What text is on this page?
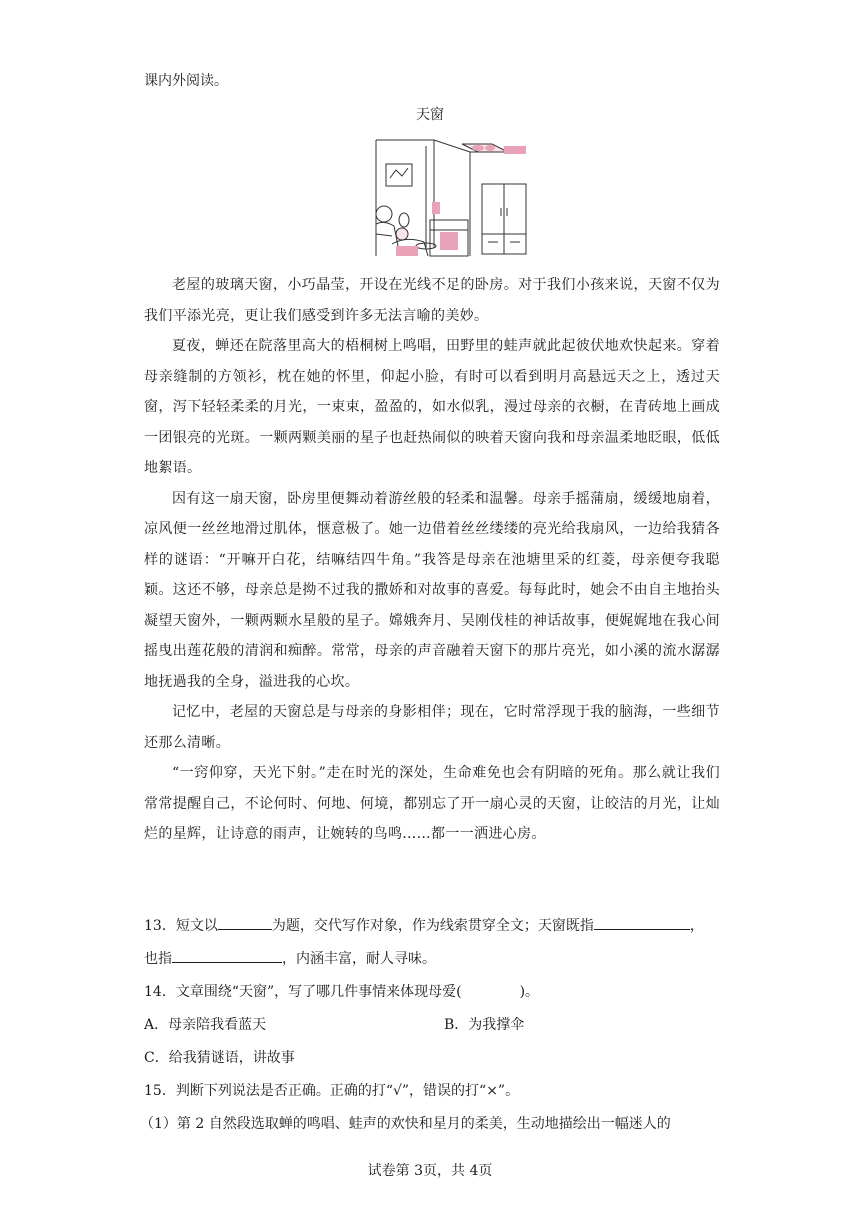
课内外阅读。
天窗

老屋的玻璃天窗，小巧晶莹，开设在光线不足的卧房。对于我们小孩来说，天窗不仅为我们平添光亮，更让我们感受到许多无法言喻的美妙。

夏夜，蝉还在院落里高大的梧桐树上鸣唱，田野里的蛙声就此起彼伏地欢快起来。穿着母亲缝制的方领衫，枕在她的怀里，仰起小脸，有时可以看到明月高悬远天之上，透过天窗，泻下轻轻柔柔的月光，一束束，盈盈的，如水似乳，漫过母亲的衣橱，在青砖地上画成一团银亮的光斑。一颗两颗美丽的星子也赶热闹似的映着天窗向我和母亲温柔地眨眼，低低地絮语。

因有这一扇天窗，卧房里便舞动着游丝般的轻柔和温馨。母亲手摇蒲扇，缓缓地扇着，凉风便一丝丝地滑过肌体，惬意极了。她一边借着丝丝缕缕的亮光给我扇风，一边给我猜各样的谜语：“开嘛开白花，结嘛结四牛角。”我答是母亲在池塘里采的红菱，母亲便夸我聪颖。这还不够，母亲总是拗不过我的撒娇和对故事的喜爱。每每此时，她会不由自主地抬头凝望天窗外，一颗两颗水星般的星子。嫦娥奔月、吴刚伐桂的神话故事，便娓娓地在我心间摇曳出莲花般的清润和痴醉。常常，母亲的声音融着天窗下的那片亮光，如小溪的流水潺潺地抚過我的全身，溢进我的心坎。

记忆中，老屋的天窗总是与母亲的身影相伴；现在，它时常浮现于我的脑海，一些细节还那么清晰。

“一窍仰穿，天光下射。”走在时光的深处，生命难免也会有阴暗的死角。那么就让我们常常提醒自己，不论何时、何地、何境，都别忘了开一扇心灵的天窗，让皎洁的月光，让灿烂的星辉，让诗意的雨声，让婉转的鸟鸣……都一一洒进心房。

13．短文以	为题，交代写作对象，作为线索贯穿全文；天窗既指	，

也指	，内涵丰富，耐人寻味。

14．文章围绕“天窗”，写了哪几件事情来体现母爱(	)。

A．母亲陪我看蓝天	B．为我撑伞

C．给我猜谜语，讲故事

15．判断下列说法是否正确。正确的打“√”，错误的打“×”。

（1）第 2 自然段选取蝉的鸣唱、蛙声的欢快和星月的柔美，生动地描绘出一幅迷人的

试卷第 3页，共 4页
